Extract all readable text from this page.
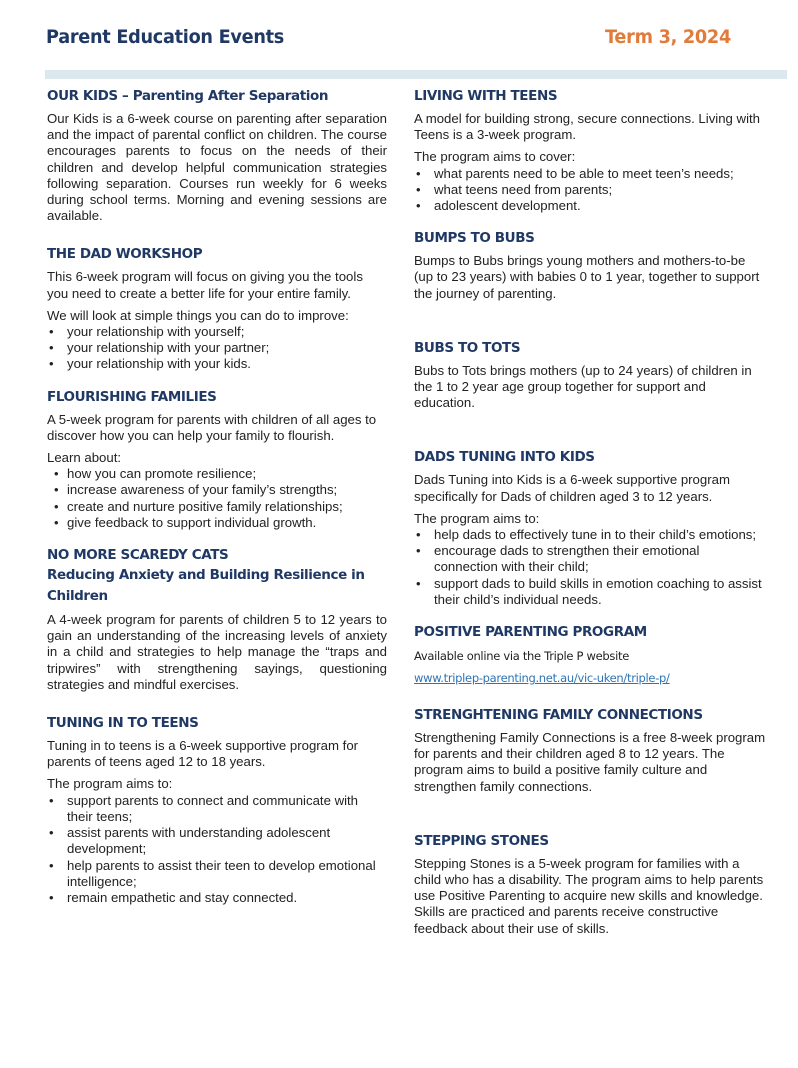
Parent Education Events	Term 3, 2024
OUR KIDS – Parenting After Separation

Our Kids is a 6-week course on parenting after separation and the impact of parental conflict on children. The course encourages parents to focus on the needs of their children and develop helpful communication strategies following separation. Courses run weekly for 6 weeks during school terms. Morning and evening sessions are available.

THE DAD WORKSHOP

This 6-week program will focus on giving you the tools you need to create a better life for your entire family.

We will look at simple things you can do to improve:

• your relationship with yourself;
• your relationship with your partner;
• your relationship with your kids.
FLOURISHING FAMILIES

A 5-week program for parents with children of all ages to discover how you can help your family to flourish.

Learn about:

• how you can promote resilience;
• increase awareness of your family’s strengths;
• create and nurture positive family relationships;
• give feedback to support individual growth.
NO MORE SCAREDY CATS
Reducing Anxiety and Building Resilience in Children

A 4-week program for parents of children 5 to 12 years to gain an understanding of the increasing levels of anxiety in a child and strategies to help manage the “traps and tripwires” with strengthening sayings, questioning strategies and mindful exercises.

TUNING IN TO TEENS

Tuning in to teens is a 6-week supportive program for parents of teens aged 12 to 18 years.

The program aims to:

• support parents to connect and communicate with their teens;
• assist parents with understanding adolescent development;
• help parents to assist their teen to develop emotional intelligence;
• remain empathetic and stay connected.
LIVING WITH TEENS

A model for building strong, secure connections. Living with Teens is a 3-week program.

The program aims to cover:

• what parents need to be able to meet teen’s needs;
• what teens need from parents;
• adolescent development.
BUMPS TO BUBS

Bumps to Bubs brings young mothers and mothers-to-be (up to 23 years) with babies 0 to 1 year, together to support the journey of parenting.

BUBS TO TOTS

Bubs to Tots brings mothers (up to 24 years) of children in the 1 to 2 year age group together for support and education.

DADS TUNING INTO KIDS

Dads Tuning into Kids is a 6-week supportive program specifically for Dads of children aged 3 to 12 years.

The program aims to:

• help dads to effectively tune in to their child’s emotions;
• encourage dads to strengthen their emotional connection with their child;
• support dads to build skills in emotion coaching to assist their child’s individual needs.
POSITIVE PARENTING PROGRAM

Available online via the Triple P website

www.triplep-parenting.net.au/vic-uken/triple-p/
STRENGHTENING FAMILY CONNECTIONS

Strengthening Family Connections is a free 8-week program for parents and their children aged 8 to 12 years. The program aims to build a positive family culture and strengthen family connections.

STEPPING STONES

Stepping Stones is a 5-week program for families with a child who has a disability. The program aims to help parents use Positive Parenting to acquire new skills and knowledge. Skills are practiced and parents receive constructive feedback about their use of skills.
